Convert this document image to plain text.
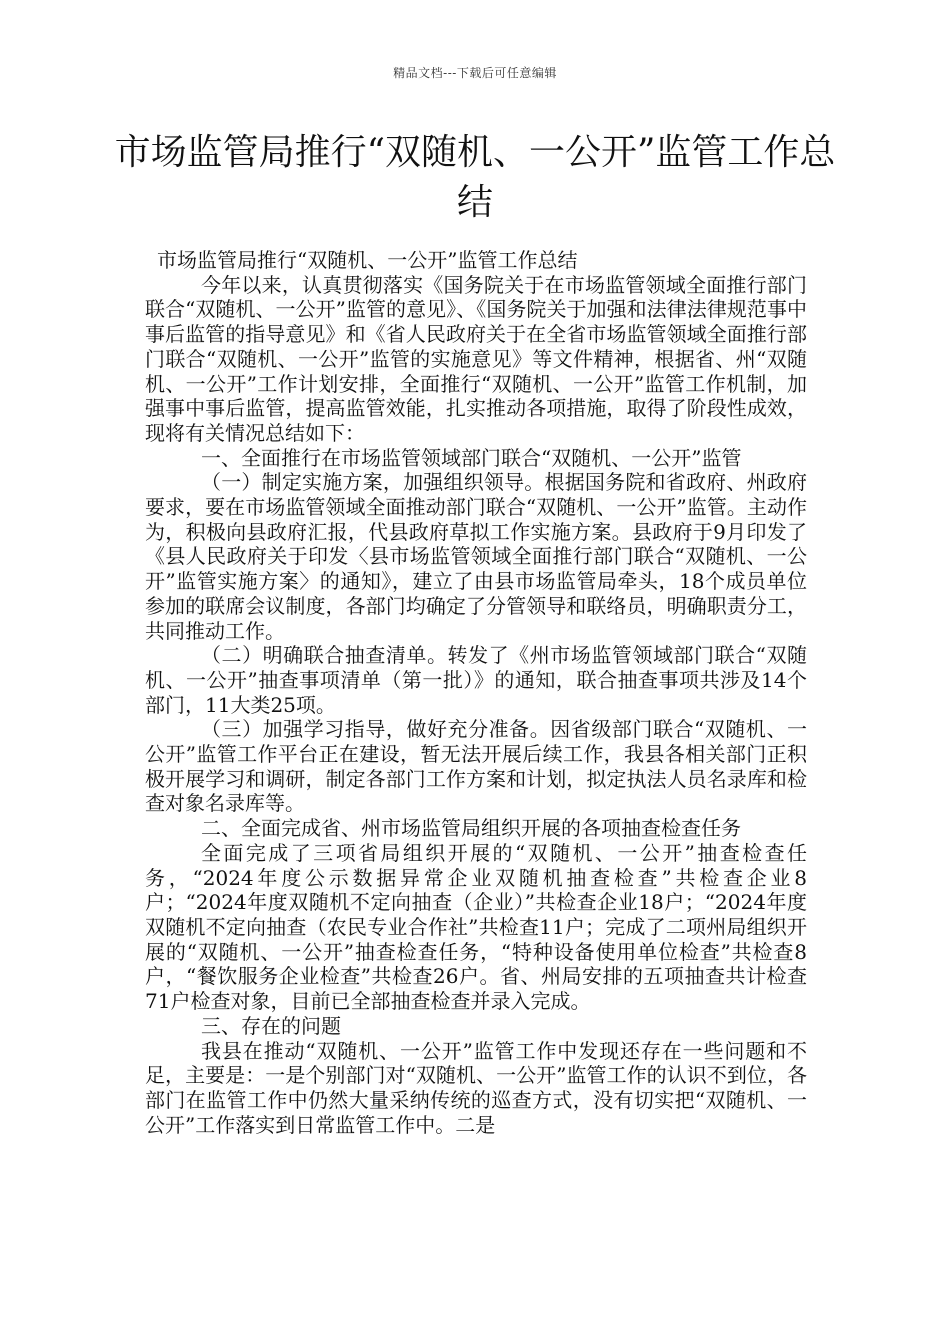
精品文档---下载后可任意编辑
市场监管局推行“双随机、一公开”监管工作总结

市场监管局推行“双随机、一公开”监管工作总结

今年以来，认真贯彻落实《国务院关于在市场监管领域全面推行部门联合“双随机、一公开”监管的意见》、《国务院关于加强和法律法律规范事中事后监管的指导意见》和《省人民政府关于在全省市场监管领域全面推行部门联合“双随机、一公开”监管的实施意见》等文件精神，根据省、州“双随机、一公开”工作计划安排，全面推行“双随机、一公开”监管工作机制，加强事中事后监管，提高监管效能，扎实推动各项措施，取得了阶段性成效，现将有关情况总结如下：

一、全面推行在市场监管领域部门联合“双随机、一公开”监管

（一）制定实施方案，加强组织领导。根据国务院和省政府、州政府要求，要在市场监管领域全面推动部门联合“双随机、一公开”监管。主动作为，积极向县政府汇报，代县政府草拟工作实施方案。县政府于9月印发了《县人民政府关于印发〈县市场监管领域全面推行部门联合“双随机、一公开”监管实施方案〉的通知》，建立了由县市场监管局牵头，18个成员单位参加的联席会议制度，各部门均确定了分管领导和联络员，明确职责分工，共同推动工作。

（二）明确联合抽查清单。转发了《州市场监管领域部门联合“双随机、一公开”抽查事项清单（第一批）》的通知，联合抽查事项共涉及14个部门，11大类25项。

（三）加强学习指导，做好充分准备。因省级部门联合“双随机、一公开”监管工作平台正在建设，暂无法开展后续工作，我县各相关部门正积极开展学习和调研，制定各部门工作方案和计划，拟定执法人员名录库和检查对象名录库等。

二、全面完成省、州市场监管局组织开展的各项抽查检查任务

全面完成了三项省局组织开展的“双随机、一公开”抽查检查任务，“2024年度公示数据异常企业双随机抽查检查”共检查企业8户；“2024年度双随机不定向抽查（企业）”共检查企业18户；“2024年度双随机不定向抽查（农民专业合作社”共检查11户；完成了二项州局组织开展的“双随机、一公开”抽查检查任务，“特种设备使用单位检查”共检查8户，“餐饮服务企业检查”共检查26户。省、州局安排的五项抽查共计检查71户检查对象，目前已全部抽查检查并录入完成。

三、存在的问题

我县在推动“双随机、一公开”监管工作中发现还存在一些问题和不足，主要是：一是个别部门对“双随机、一公开”监管工作的认识不到位，各部门在监管工作中仍然大量采纳传统的巡查方式，没有切实把“双随机、一公开”工作落实到日常监管工作中。二是
